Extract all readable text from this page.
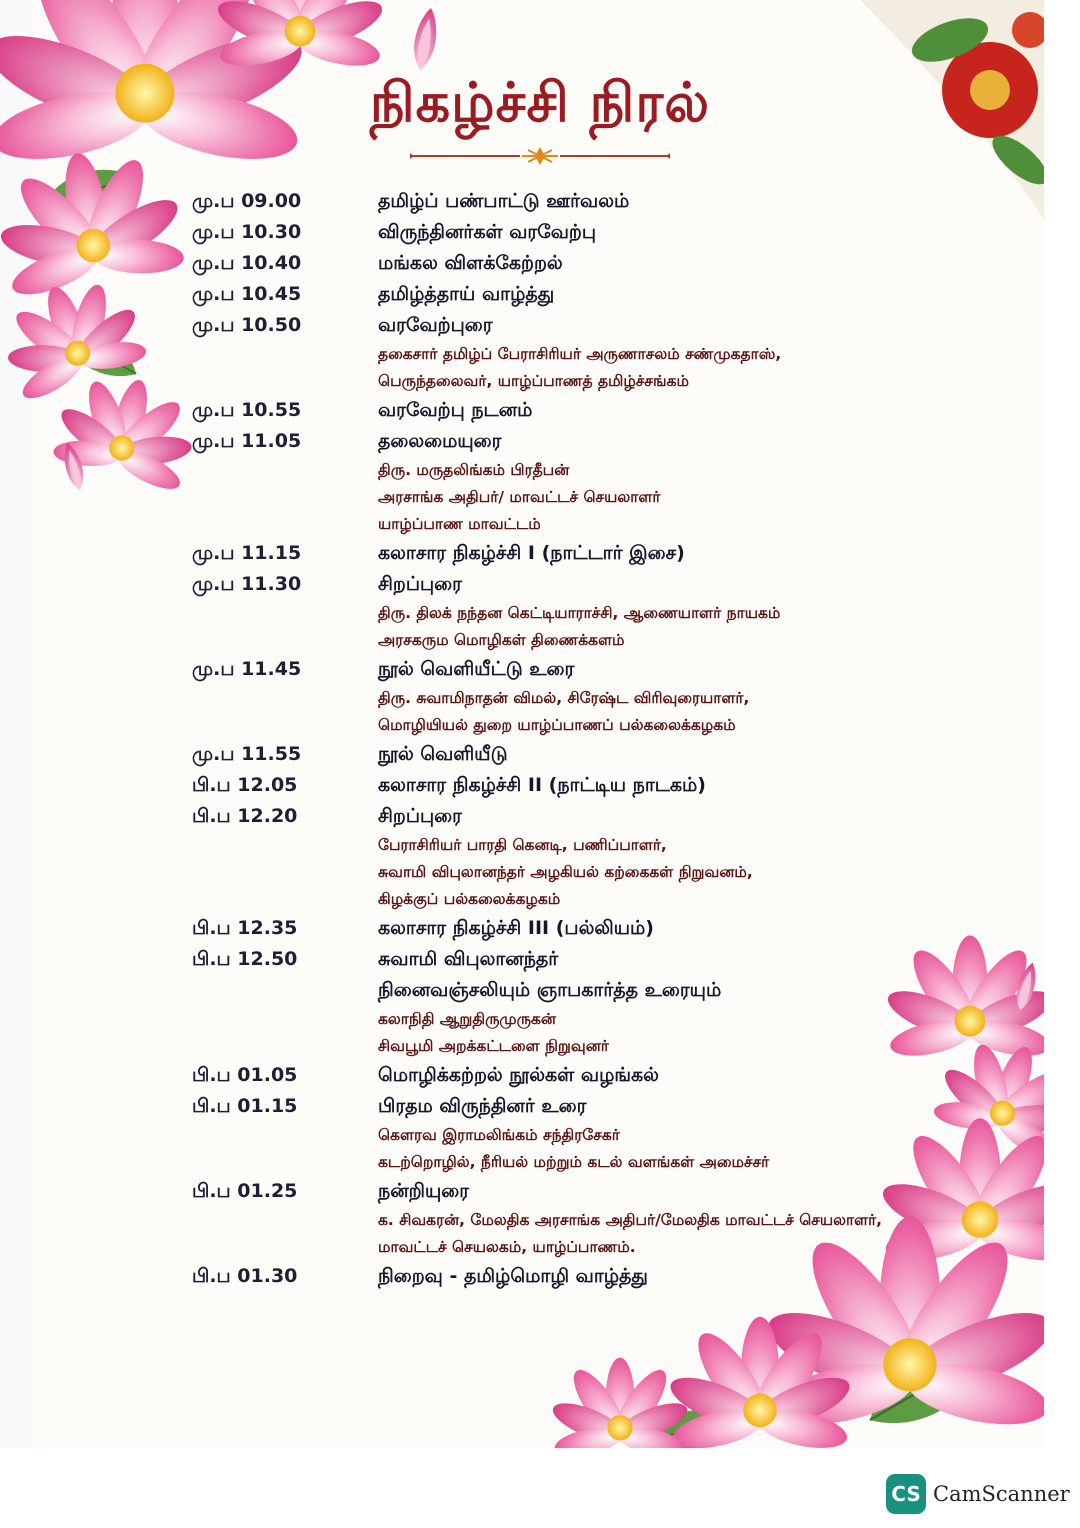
நிகழ்ச்சி நிரல்
மு.ப 09.00	தமிழ்ப் பண்பாட்டு ஊர்வலம்
மு.ப 10.30	விருந்தினர்கள் வரவேற்பு
மு.ப 10.40	மங்கல விளக்கேற்றல்
மு.ப 10.45	தமிழ்த்தாய் வாழ்த்து
மு.ப 10.50	வரவேற்புரை
தகைசார் தமிழ்ப் பேராசிரியர் அருணாசலம் சண்முகதாஸ்,
பெருந்தலைவர், யாழ்ப்பாணத் தமிழ்ச்சங்கம்
மு.ப 10.55	வரவேற்பு நடனம்
மு.ப 11.05	தலைமையுரை
திரு. மருதலிங்கம் பிரதீபன்
அரசாங்க அதிபர்/ மாவட்டச் செயலாளர்
யாழ்ப்பாண மாவட்டம்
மு.ப 11.15	கலாசார நிகழ்ச்சி I (நாட்டார் இசை)
மு.ப 11.30	சிறப்புரை
திரு. திலக் நந்தன கெட்டியாராச்சி, ஆணையாளர் நாயகம்
அரசகரும மொழிகள் திணைக்களம்
மு.ப 11.45	நூல் வெளியீட்டு உரை
திரு. சுவாமிநாதன் விமல், சிரேஷ்ட விரிவுரையாளர்,
மொழியியல் துறை யாழ்ப்பாணப் பல்கலைக்கழகம்
மு.ப 11.55	நூல் வெளியீடு
பி.ப 12.05	கலாசார நிகழ்ச்சி II (நாட்டிய நாடகம்)
பி.ப 12.20	சிறப்புரை
பேராசிரியர் பாரதி கெனடி, பணிப்பாளர்,
சுவாமி விபுலானந்தர் அழகியல் கற்கைகள் நிறுவனம்,
கிழக்குப் பல்கலைக்கழகம்
பி.ப 12.35	கலாசார நிகழ்ச்சி III (பல்லியம்)
பி.ப 12.50	சுவாமி விபுலானந்தர்
நினைவஞ்சலியும் ஞாபகார்த்த உரையும்
கலாநிதி ஆறுதிருமுருகன்
சிவபூமி அறக்கட்டளை நிறுவுனர்
பி.ப 01.05	மொழிக்கற்றல் நூல்கள் வழங்கல்
பி.ப 01.15	பிரதம விருந்தினர் உரை
கௌரவ இராமலிங்கம் சந்திரசேகர்
கடற்றொழில், நீரியல் மற்றும் கடல் வளங்கள் அமைச்சர்
பி.ப 01.25	நன்றியுரை
க. சிவகரன், மேலதிக அரசாங்க அதிபர்/மேலதிக மாவட்டச் செயலாளர்,
மாவட்டச் செயலகம், யாழ்ப்பாணம்.
பி.ப 01.30	நிறைவு - தமிழ்மொழி வாழ்த்து
CS CamScanner
